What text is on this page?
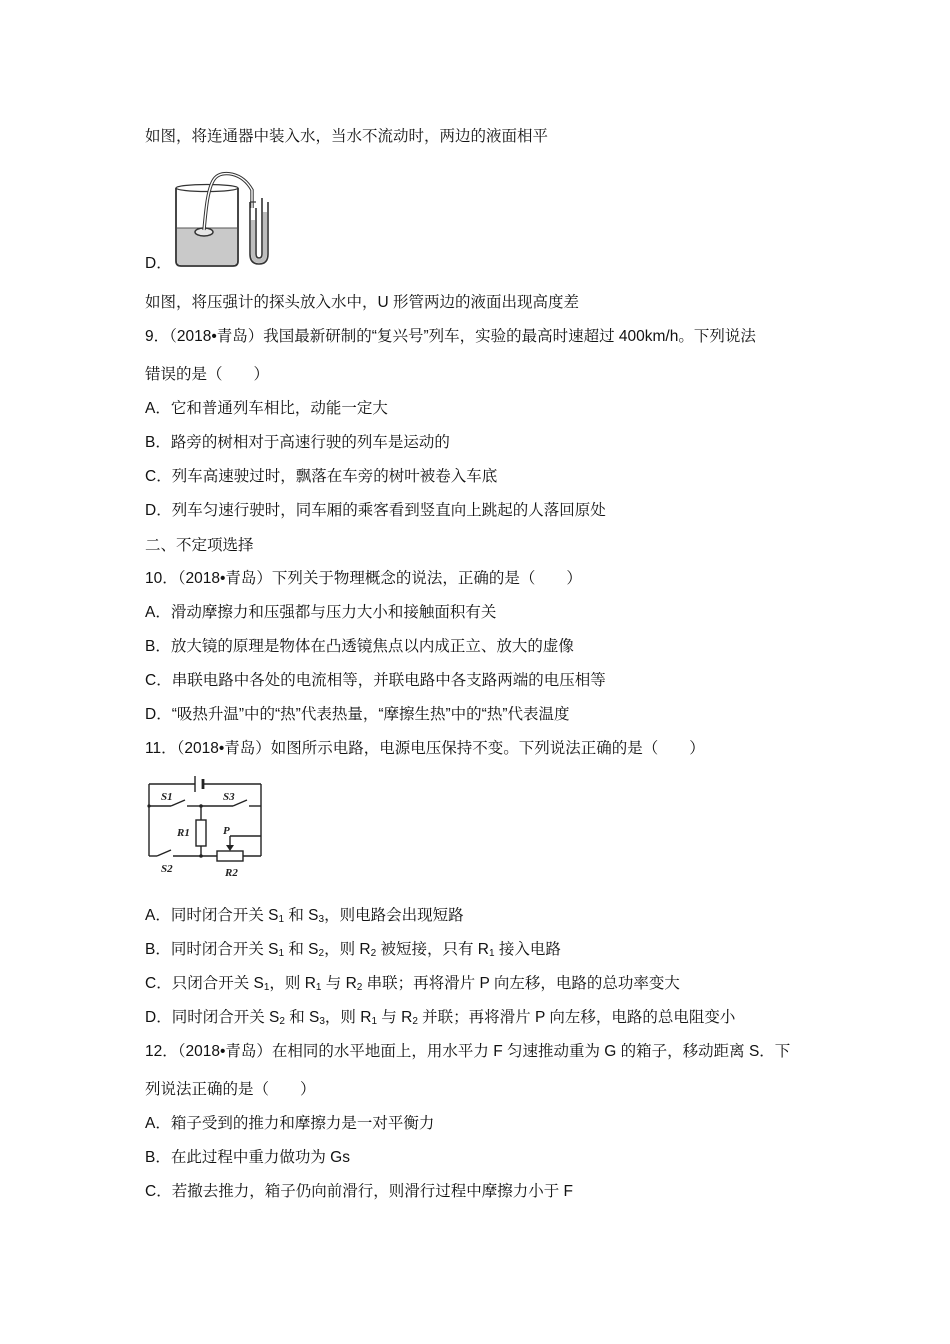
如图，将连通器中装入水，当水不流动时，两边的液面相平
D．
如图，将压强计的探头放入水中，U 形管两边的液面出现高度差
9．（2018•青岛）我国最新研制的“复兴号”列车，实验的最高时速超过 400km/h。下列说法
错误的是（　　）
A．它和普通列车相比，动能一定大
B．路旁的树相对于高速行驶的列车是运动的
C．列车高速驶过时，飘落在车旁的树叶被卷入车底
D．列车匀速行驶时，同车厢的乘客看到竖直向上跳起的人落回原处
二、不定项选择
10．（2018•青岛）下列关于物理概念的说法，正确的是（　　）
A．滑动摩擦力和压强都与压力大小和接触面积有关
B．放大镜的原理是物体在凸透镜焦点以内成正立、放大的虚像
C．串联电路中各处的电流相等，并联电路中各支路两端的电压相等
D．“吸热升温”中的“热”代表热量，“摩擦生热”中的“热”代表温度
11．（2018•青岛）如图所示电路，电源电压保持不变。下列说法正确的是（　　）
S1	S3
R1	P
S2	R2
A．同时闭合开关 $S_1$ 和 $S_3$，则电路会出现短路
B．同时闭合开关 $S_1$ 和 $S_2$，则 $R_2$ 被短接，只有 $R_1$ 接入电路
C．只闭合开关 $S_1$，则 $R_1$ 与 $R_2$ 串联；再将滑片 P 向左移，电路的总功率变大
D．同时闭合开关 $S_2$ 和 $S_3$，则 $R_1$ 与 $R_2$ 并联；再将滑片 P 向左移，电路的总电阻变小
12．（2018•青岛）在相同的水平地面上，用水平力 F 匀速推动重为 G 的箱子，移动距离 S．下
列说法正确的是（　　）
A．箱子受到的推力和摩擦力是一对平衡力
B．在此过程中重力做功为 Gs
C．若撤去推力，箱子仍向前滑行，则滑行过程中摩擦力小于 F
